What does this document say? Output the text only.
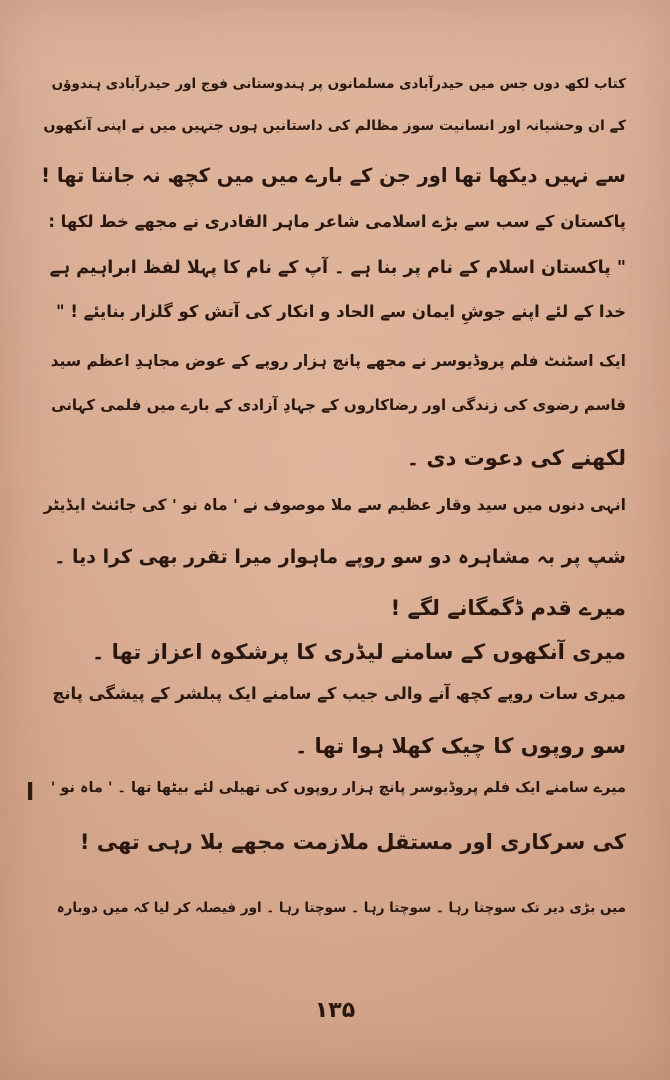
کتاب لکھ دوں جس میں حیدرآبادی مسلمانوں پر ہندوستانی فوج اور حیدرآبادی ہندوؤں
کے ان وحشیانہ اور انسانیت سوز مظالم کی داستانیں ہوں جنہیں میں نے اپنی آنکھوں
سے نہیں دیکھا تھا اور جن کے بارے میں میں کچھ نہ جانتا تھا !
پاکستان کے سب سے بڑے اسلامی شاعر ماہر القادری نے مجھے خط لکھا :
" پاکستان اسلام کے نام پر بنا ہے ۔ آپ کے نام کا پہلا لفظ ابراہیم ہے
خدا کے لئے اپنے جوشِ ایمان سے الحاد و انکار کی آتش کو گلزار بنایئے ! "
ایک اسٹنٹ فلم پروڈیوسر نے مجھے پانچ ہزار روپے کے عوض مجاہدِ اعظم سید
قاسم رضوی کی زندگی اور رضاکاروں کے جہادِ آزادی کے بارے میں فلمی کہانی
لکھنے کی دعوت دی ۔
انہی دنوں میں سید وقار عظیم سے ملا موصوف نے ' ماہ نو ' کی جائنٹ ایڈیٹر
شپ پر بہ مشاہرہ دو سو روپے ماہوار میرا تقرر بھی کرا دیا ۔
میرے قدم ڈگمگانے لگے !
میری آنکھوں کے سامنے لیڈری کا پرشکوہ اعزاز تھا ۔
میری سات روپے کچھ آنے والی جیب کے سامنے ایک پبلشر کے پیشگی پانچ
سو روپوں کا چیک کھلا ہوا تھا ۔
میرے سامنے ایک فلم پروڈیوسر پانچ ہزار روپوں کی تھیلی لئے بیٹھا تھا ۔ ' ماہ نو '
کی سرکاری اور مستقل ملازمت مجھے بلا رہی تھی !
میں بڑی دیر تک سوچتا رہا ۔ سوچتا رہا ۔ سوچتا رہا ۔ اور فیصلہ کر لیا کہ میں دوبارہ
ا
۱۳۵
